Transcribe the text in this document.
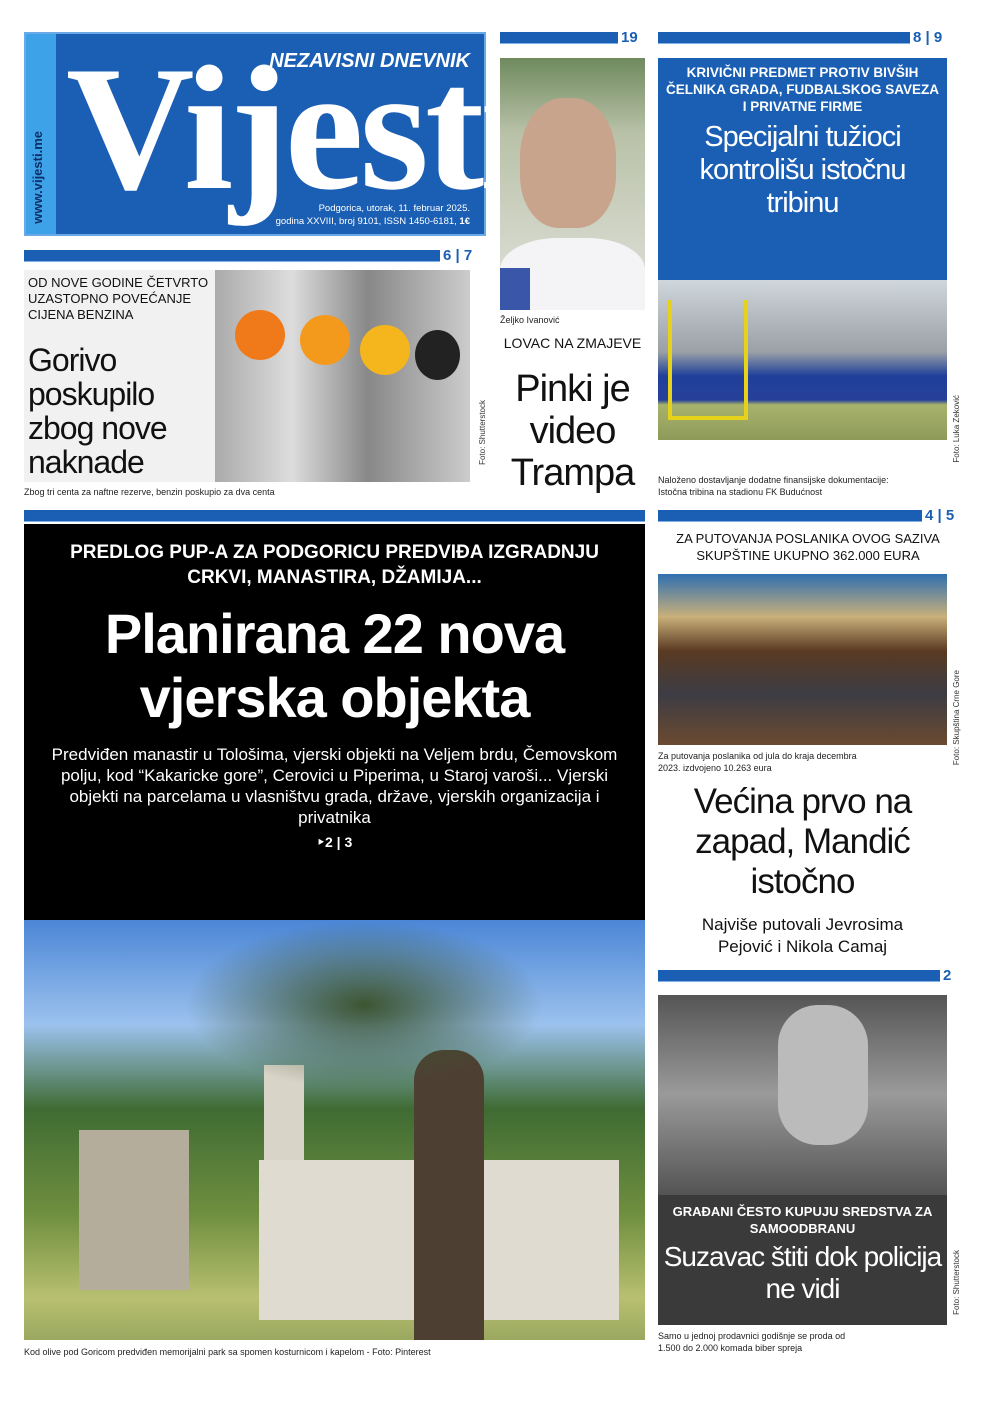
www.vijesti.me
Vijesti
NEZAVISNI DNEVNIK
Podgorica, utorak, 11. februar 2025.
godina XXVIII, broj 9101, ISSN 1450-6181, 1€
19
Željko Ivanović
LOVAC NA ZMAJEVE
Pinki je video Trampa
8 | 9
KRIVIČNI PREDMET PROTIV BIVŠIH ČELNIKA GRADA, FUDBALSKOG SAVEZA I PRIVATNE FIRME
Specijalni tužioci kontrolišu istočnu tribinu
Foto: Luka Zeković
Naloženo dostavljanje dodatne finansijske dokumentacije: Istočna tribina na stadionu FK Budućnost
6 | 7
Foto: Shutterstock
OD NOVE GODINE ČETVRTO UZASTOPNO POVEĆANJE CIJENA BENZINA
Gorivo poskupilo zbog nove naknade
Zbog tri centa za naftne rezerve, benzin poskupio za dva centa
PREDLOG PUP-A ZA PODGORICU PREDVIĐA IZGRADNJU CRKVI, MANASTIRA, DŽAMIJA...
Planirana 22 nova vjerska objekta
Predviđen manastir u Tološima, vjerski objekti na Veljem brdu, Čemovskom polju, kod “Kakaricke gore”, Cerovici u Piperima, u Staroj varoši... Vjerski objekti na parcelama u vlasništvu grada, države, vjerskih organizacija i privatnika
‣2 | 3
Kod olive pod Goricom predviđen memorijalni park sa spomen kosturnicom i kapelom - Foto: Pinterest
4 | 5
ZA PUTOVANJA POSLANIKA OVOG SAZIVA SKUPŠTINE UKUPNO 362.000 EURA
Foto: Skupština Crne Gore
Za putovanja poslanika od jula do kraja decembra 2023. izdvojeno 10.263 eura
Većina prvo na zapad, Mandić istočno
Najviše putovali Jevrosima Pejović i Nikola Camaj
2
GRAĐANI ČESTO KUPUJU SREDSTVA ZA SAMOODBRANU
Suzavac štiti dok policija ne vidi	Foto: Shutterstock
Samo u jednoj prodavnici godišnje se proda od 1.500 do 2.000 komada biber spreja
